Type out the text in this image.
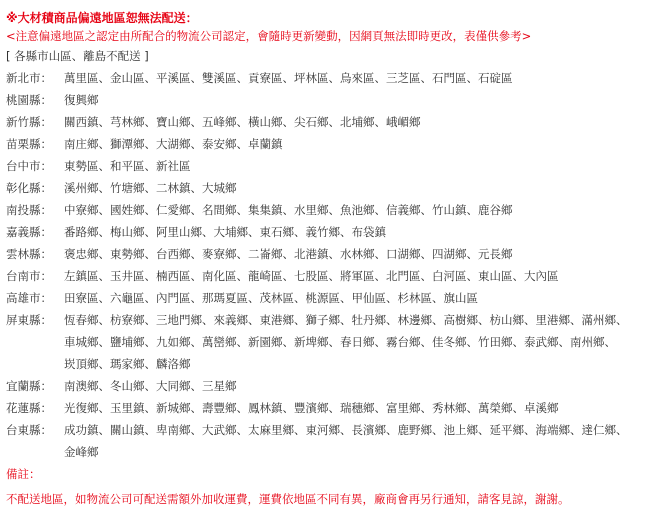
※大材積商品偏遠地區恕無法配送：
<注意偏遠地區之認定由所配合的物流公司認定，會隨時更新變動，因網頁無法即時更改，表僅供參考>
[ 各縣市山區、離島不配送 ]
新北市：	萬里區 、	金山區 、	平溪區 、	雙溪區 、	貢寮區 、	坪林區 、	烏來區 、	三芝區 、	石門區 、	石碇區
桃園縣：	復興鄉
新竹縣：	關西鎮 、	芎林鄉 、	寶山鄉 、	五峰鄉 、	橫山鄉 、	尖石鄉 、	北埔鄉 、	峨嵋鄉
苗栗縣：	南庄鄉 、	獅潭鄉 、	大湖鄉 、	泰安鄉 、	卓蘭鎮
台中市：	東勢區 、	和平區 、	新社區
彰化縣：	溪州鄉 、	竹塘鄉 、	二林鎮 、	大城鄉
南投縣：	中寮鄉 、	國姓鄉 、	仁愛鄉 、	名間鄉 、	集集鎮 、	水里鄉 、	魚池鄉 、	信義鄉 、	竹山鎮 、	鹿谷鄉
嘉義縣：	番路鄉 、	梅山鄉 、	阿里山鄉 、	大埔鄉 、	東石鄉 、	義竹鄉 、	布袋鎮
雲林縣：	褒忠鄉 、	東勢鄉 、	台西鄉 、	麥寮鄉 、	二崙鄉 、	北港鎮 、	水林鄉 、	口湖鄉 、	四湖鄉 、	元長鄉
台南市：	左鎮區 、	玉井區 、	楠西區 、	南化區 、	龍崎區 、	七股區 、	將軍區 、	北門區 、	白河區 、	東山區 、	大內區
高雄市：	田寮區 、	六龜區 、	內門區 、	那瑪夏區 、	茂林區 、	桃源區 、	甲仙區 、	杉林區 、	旗山區
屏東縣：	恆春鄉 、	枋寮鄉 、	三地門鄉 、	來義鄉 、	東港鄉 、	獅子鄉 、	牡丹鄉 、	林邊鄉 、	高樹鄉 、	枋山鄉 、	里港鄉 、	滿州鄉 、
車城鄉 、	鹽埔鄉 、	九如鄉 、	萬巒鄉 、	新園鄉 、	新埤鄉 、	春日鄉 、	霧台鄉 、	佳冬鄉 、	竹田鄉 、	泰武鄉 、	南州鄉 、
崁頂鄉 、	瑪家鄉 、	麟洛鄉
宜蘭縣：	南澳鄉 、	冬山鄉 、	大同鄉 、	三星鄉
花蓮縣：	光復鄉 、	玉里鎮 、	新城鄉 、	壽豐鄉 、	鳳林鎮 、	豐濱鄉 、	瑞穗鄉 、	富里鄉 、	秀林鄉 、	萬榮鄉 、	卓溪鄉
台東縣：	成功鎮 、	關山鎮 、	卑南鄉 、	大武鄉 、	太麻里鄉 、	東河鄉 、	長濱鄉 、	鹿野鄉 、	池上鄉 、	延平鄉 、	海端鄉 、	達仁鄉 、
金峰鄉
備註：
不配送地區，如物流公司可配送需額外加收運費，運費依地區不同有異，廠商會再另行通知，請客見諒，謝謝。
